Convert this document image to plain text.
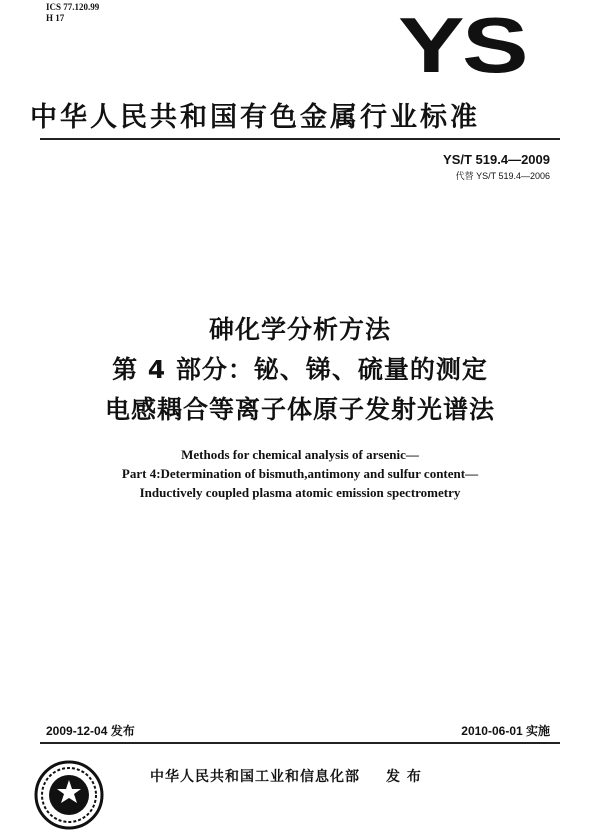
ICS 77.120.99
H 17	YS
中华人民共和国有色金属行业标准
YS/T 519.4—2009
代替 YS/T 519.4—2006
砷化学分析方法
第 4 部分：铋、锑、硫量的测定
电感耦合等离子体原子发射光谱法
Methods for chemical analysis of arsenic—
Part 4:Determination of bismuth,antimony and sulfur content—
Inductively coupled plasma atomic emission spectrometry
2009-12-04 发布	2010-06-01 实施
中华人民共和国工业和信息化部 发 布
